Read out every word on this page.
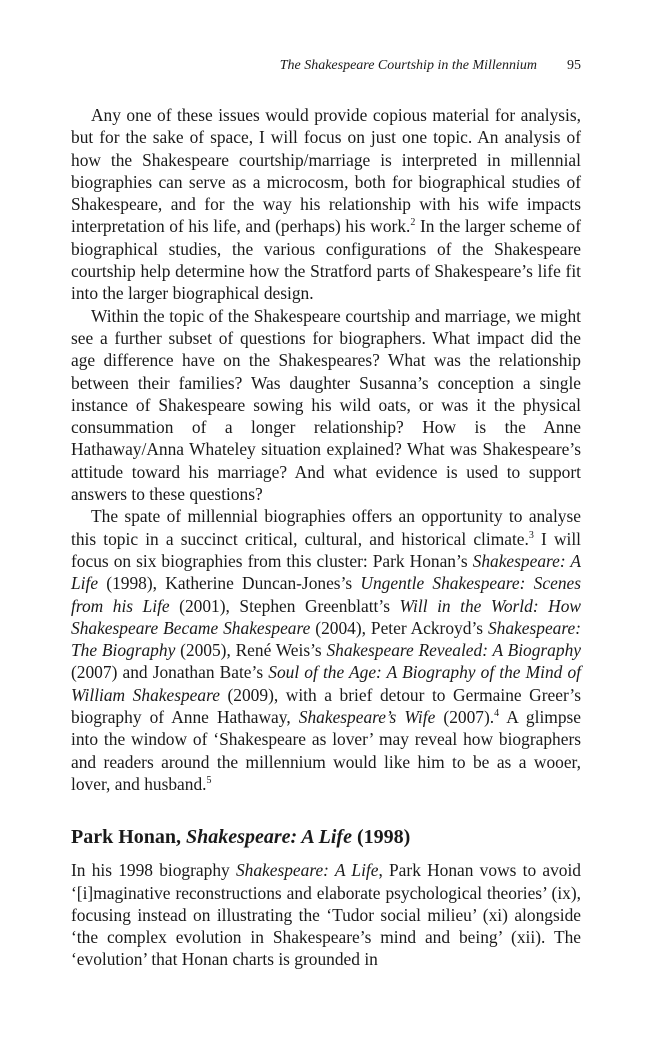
The Shakespeare Courtship in the Millennium 95

Any one of these issues would provide copious material for analysis, but for the sake of space, I will focus on just one topic. An analysis of how the Shakespeare courtship/marriage is interpreted in millennial biographies can serve as a microcosm, both for biographical studies of Shakespeare, and for the way his relationship with his wife impacts interpretation of his life, and (perhaps) his work.$^2$ In the larger scheme of biographical studies, the various configurations of the Shakespeare courtship help determine how the Stratford parts of Shakespeare’s life fit into the larger biographical design.

Within the topic of the Shakespeare courtship and marriage, we might see a further subset of questions for biographers. What impact did the age difference have on the Shakespeares? What was the relationship between their families? Was daughter Susanna’s conception a single instance of Shakespeare sowing his wild oats, or was it the physical consummation of a longer relationship? How is the Anne Hathaway/Anna Whateley situation explained? What was Shakespeare’s attitude toward his marriage? And what evidence is used to support answers to these questions?

The spate of millennial biographies offers an opportunity to analyse this topic in a succinct critical, cultural, and historical climate.$^3$ I will focus on six biographies from this cluster: Park Honan’s Shakespeare: A Life (1998), Katherine Duncan-Jones’s Ungentle Shakespeare: Scenes from his Life (2001), Stephen Greenblatt’s Will in the World: How Shakespeare Became Shakespeare (2004), Peter Ackroyd’s Shakespeare: The Biography (2005), René Weis’s Shakespeare Revealed: A Biography (2007) and Jonathan Bate’s Soul of the Age: A Biography of the Mind of William Shakespeare (2009), with a brief detour to Germaine Greer’s biography of Anne Hathaway, Shakespeare’s Wife (2007).$^4$ A glimpse into the window of ‘Shakespeare as lover’ may reveal how biographers and readers around the millennium would like him to be as a wooer, lover, and husband.$^5$

Park Honan, Shakespeare: A Life (1998)

In his 1998 biography Shakespeare: A Life, Park Honan vows to avoid ‘[i]maginative reconstructions and elaborate psychological theories’ (ix), focusing instead on illustrating the ‘Tudor social milieu’ (xi) alongside ‘the complex evolution in Shakespeare’s mind and being’ (xii). The ‘evolution’ that Honan charts is grounded in
